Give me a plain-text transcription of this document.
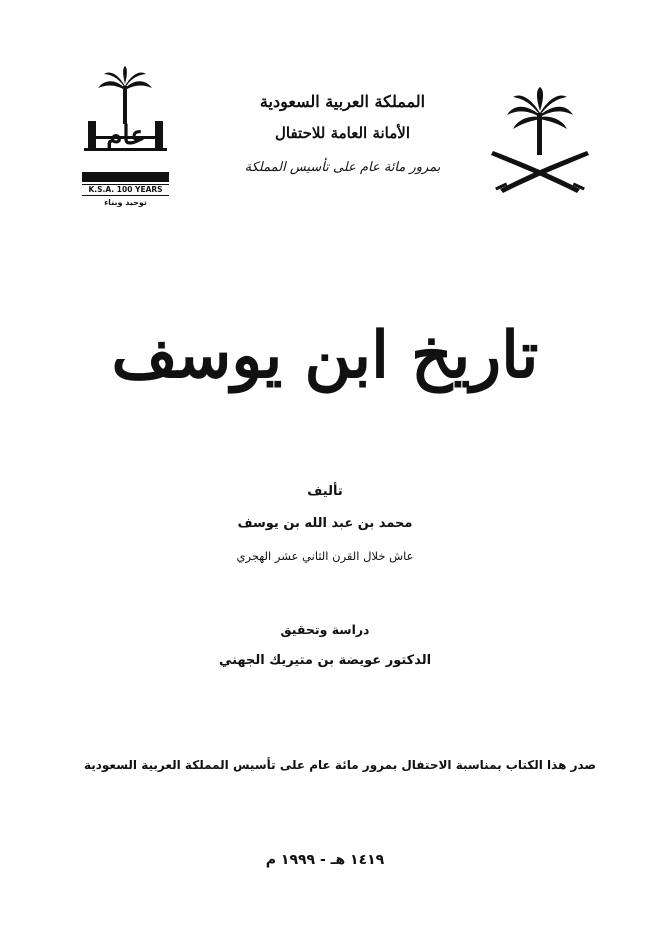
المملكة العربية السعودية
الأمانة العامة للاحتفال
بمرور مائة عام على تأسيس المملكة
عام
K.S.A. 100 YEARS
توحيد وبناء
تاريخ ابن يوسف
تأليف
محمد بن عبد الله بن يوسف
عاش خلال القرن الثاني عشر الهجري
دراسة وتحقيق
الدكتور عويضة بن متيريك الجهني
صدر هذا الكتاب بمناسبة الاحتفال بمرور مائة عام على تأسيس المملكة العربية السعودية
١٤١٩ هـ - ١٩٩٩ م
